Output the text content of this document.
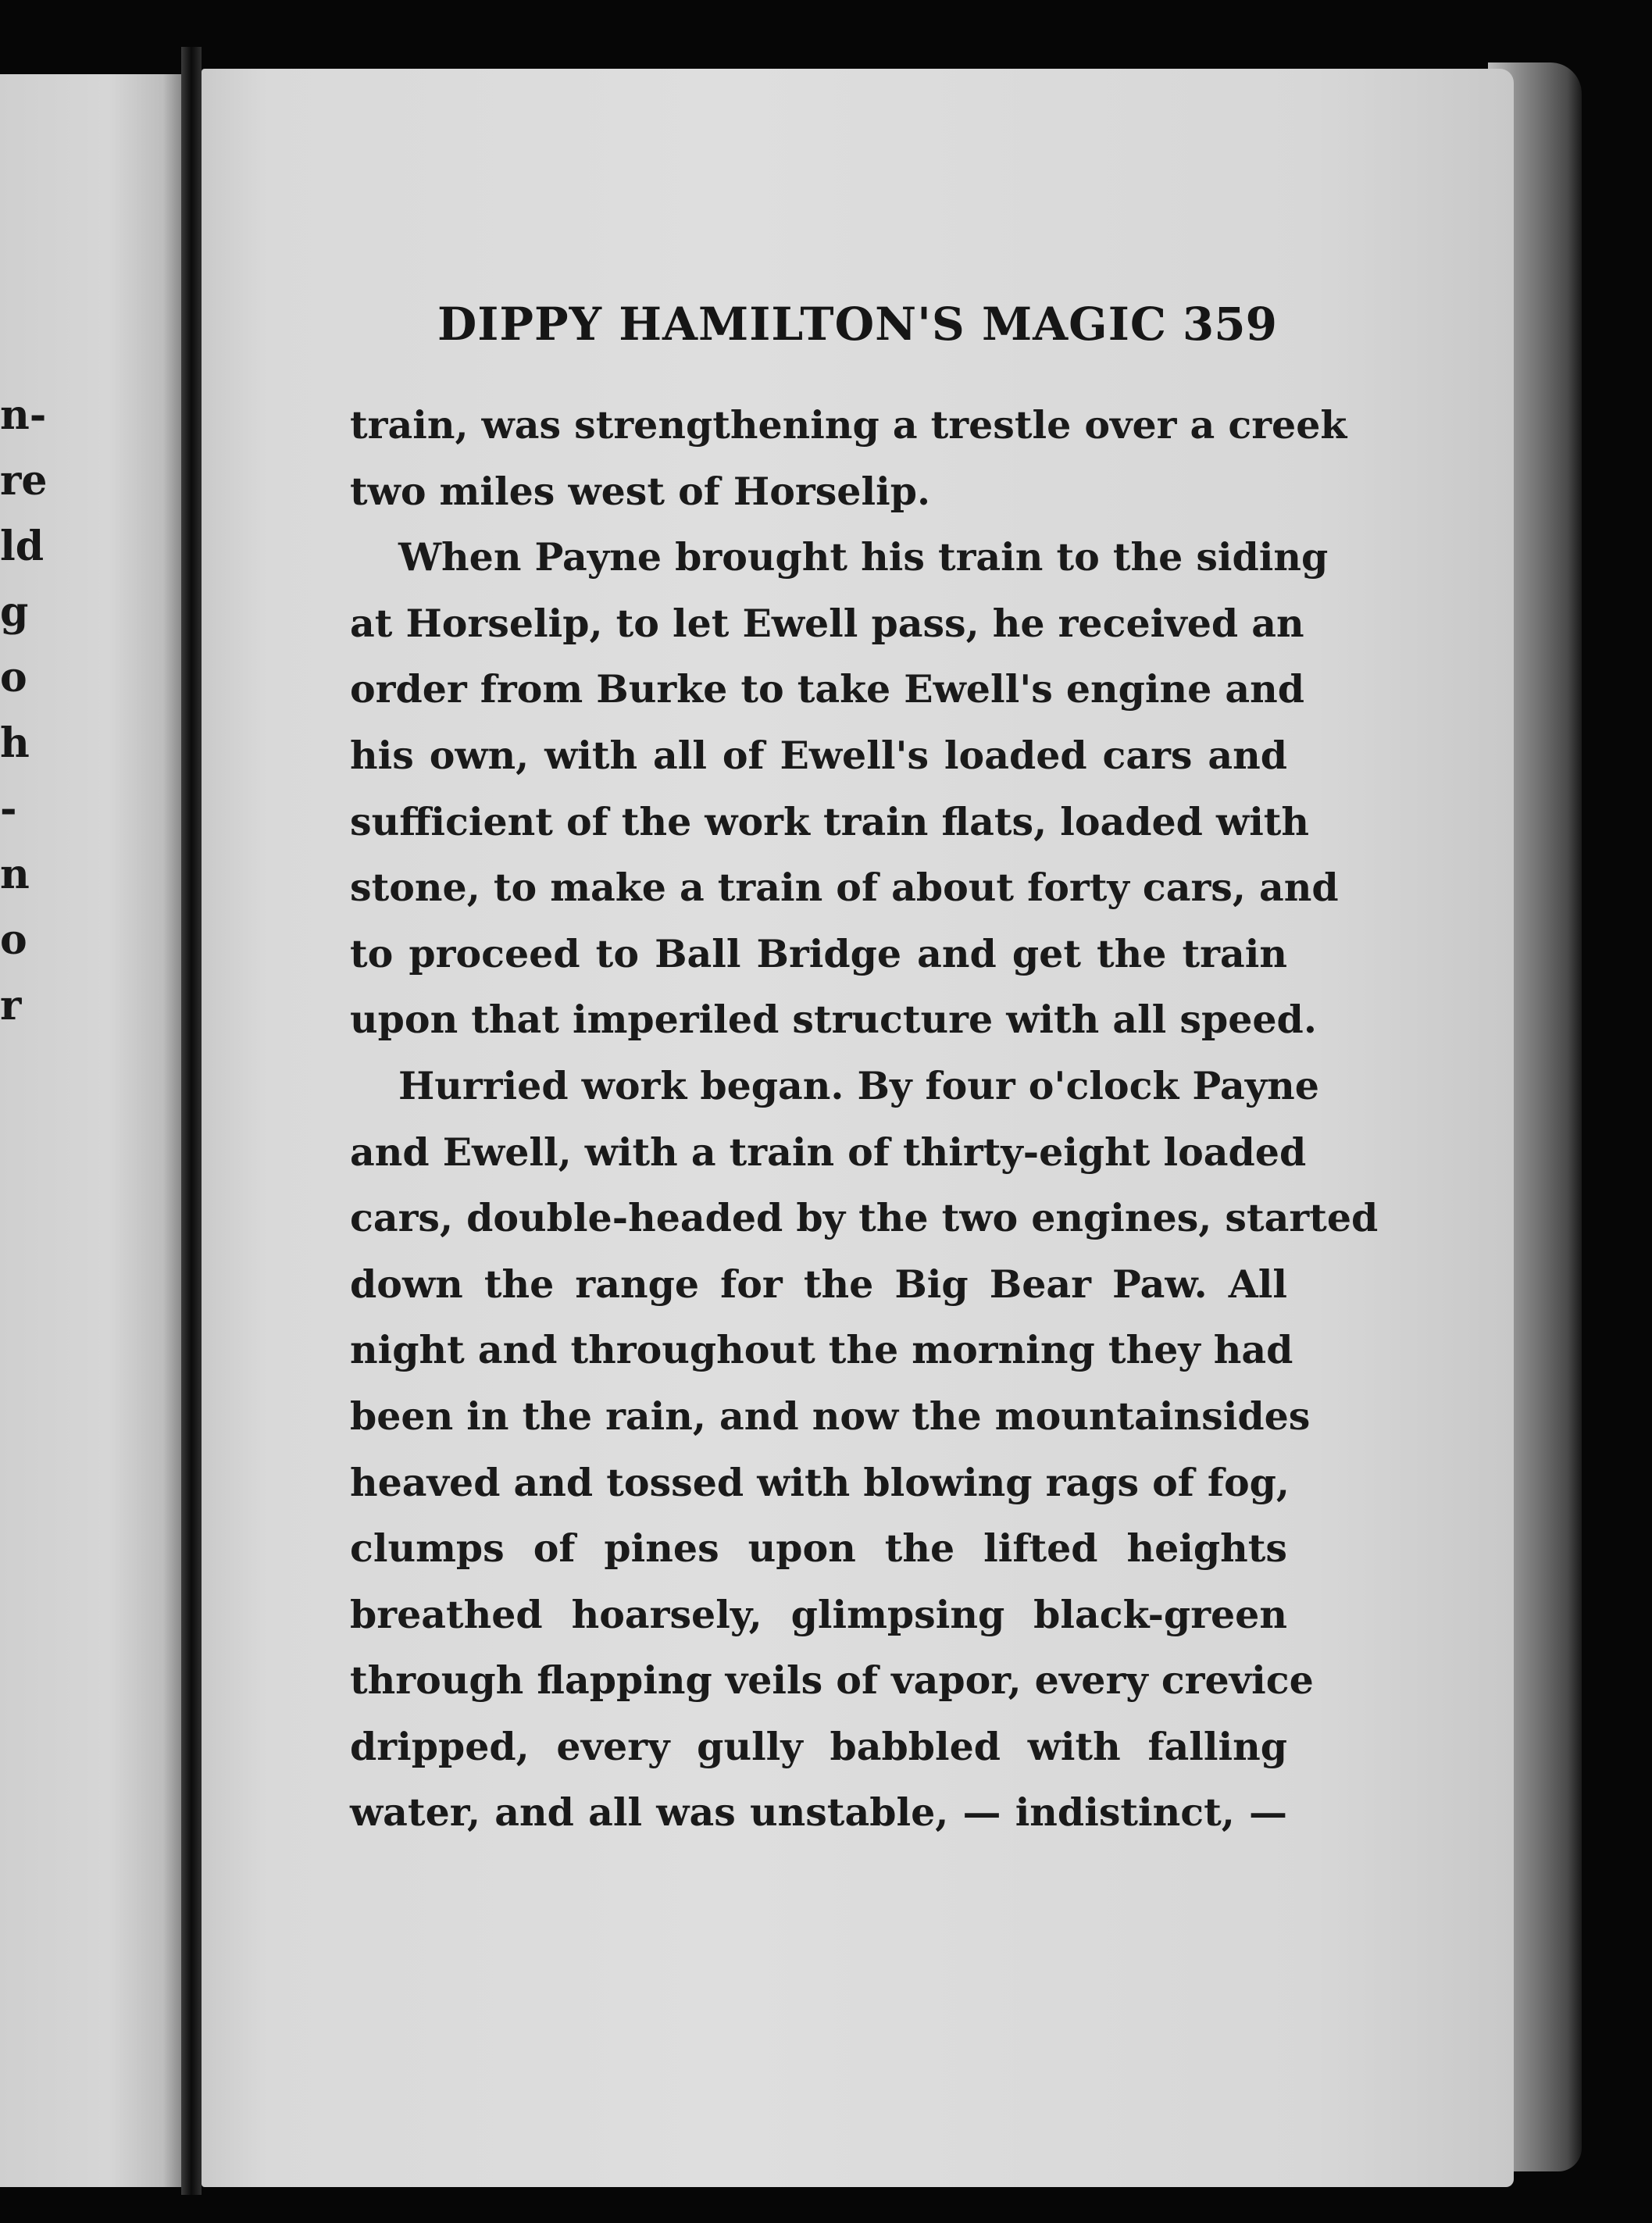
n-
re
ld
g
o
h
-
n
o
r
DIPPY HAMILTON'S MAGIC 359
train, was strengthening a trestle over a creek
two miles west of Horselip.
When Payne brought his train to the siding
at Horselip, to let Ewell pass, he received an
order from Burke to take Ewell's engine and
his own, with all of Ewell's loaded cars and
sufficient of the work train flats, loaded with
stone, to make a train of about forty cars, and
to proceed to Ball Bridge and get the train
upon that imperiled structure with all speed.
Hurried work began. By four o'clock Payne
and Ewell, with a train of thirty-eight loaded
cars, double-headed by the two engines, started
down the range for the Big Bear Paw. All
night and throughout the morning they had
been in the rain, and now the mountainsides
heaved and tossed with blowing rags of fog,
clumps of pines upon the lifted heights
breathed hoarsely, glimpsing black-green
through flapping veils of vapor, every crevice
dripped, every gully babbled with falling
water, and all was unstable, — indistinct, —
